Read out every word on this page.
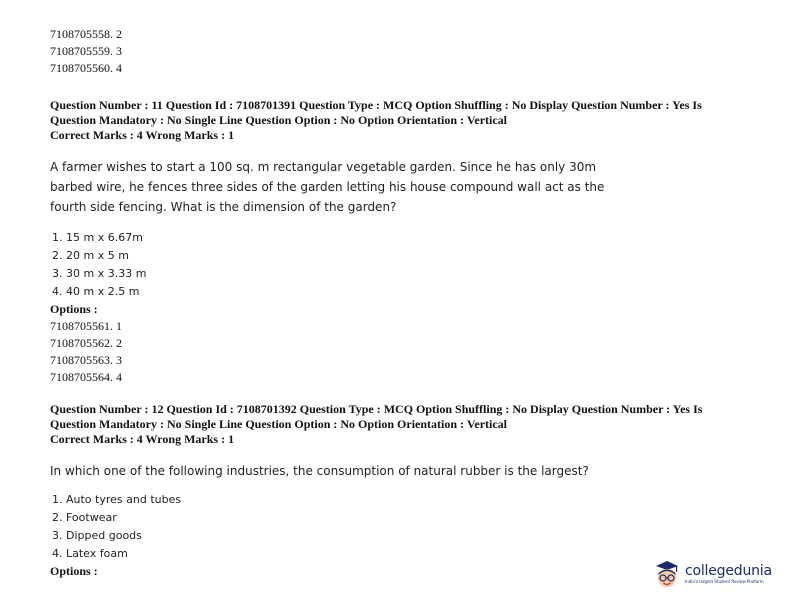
7108705558. 2
7108705559. 3
7108705560. 4
Question Number : 11 Question Id : 7108701391 Question Type : MCQ Option Shuffling : No Display Question Number : Yes Is
Question Mandatory : No Single Line Question Option : No Option Orientation : Vertical
Correct Marks : 4 Wrong Marks : 1
A farmer wishes to start a 100 sq. m rectangular vegetable garden. Since he has only 30m
barbed wire, he fences three sides of the garden letting his house compound wall act as the
fourth side fencing. What is the dimension of the garden?
1. 15 m x 6.67m
2. 20 m x 5 m
3. 30 m x 3.33 m
4. 40 m x 2.5 m
Options :
7108705561. 1
7108705562. 2
7108705563. 3
7108705564. 4
Question Number : 12 Question Id : 7108701392 Question Type : MCQ Option Shuffling : No Display Question Number : Yes Is
Question Mandatory : No Single Line Question Option : No Option Orientation : Vertical
Correct Marks : 4 Wrong Marks : 1
In which one of the following industries, the consumption of natural rubber is the largest?
1. Auto tyres and tubes
2. Footwear
3. Dipped goods
4. Latex foam
Options :	collegedunia
India's largest Student Review Platform
